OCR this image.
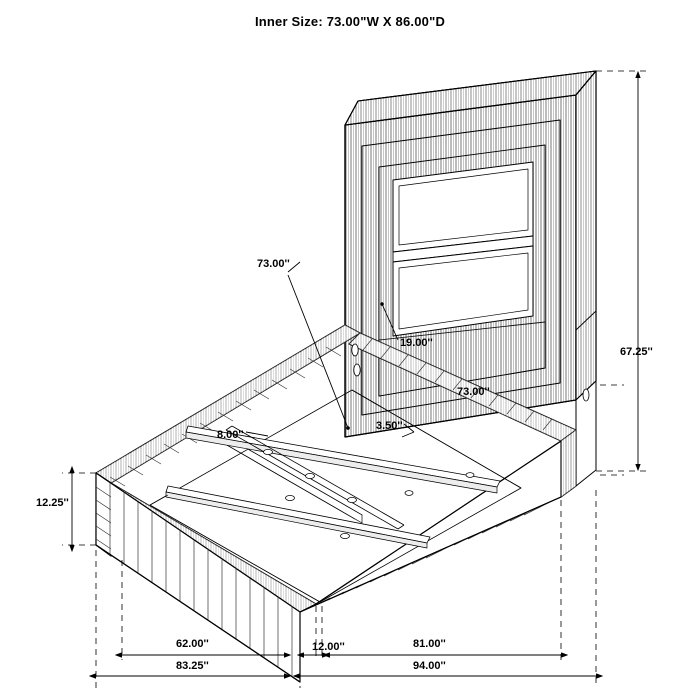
Inner Size: 73.00"W X 86.00"D
73.00''
19.00''
67.25''
73.00''
3.50''
8.00''
12.25''
62.00''	12.00''	81.00''
83.25''	94.00''
